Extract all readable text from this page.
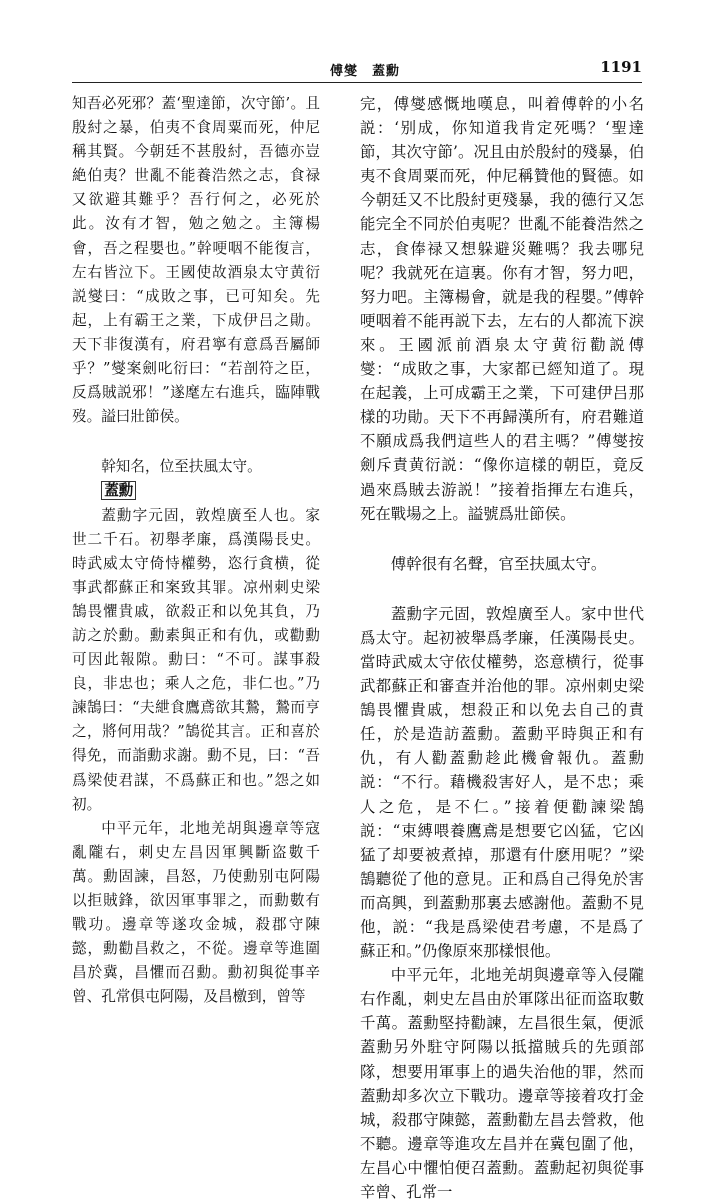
傅燮　蓋勳	1191

知吾必死邪？蓋‘聖達節，次守節’。且殷紂之暴，伯夷不食周粟而死，仲尼稱其賢。今朝廷不甚殷紂，吾德亦豈絶伯夷？世亂不能養浩然之志，食禄又欲避其難乎？吾行何之，必死於此。汝有才智，勉之勉之。主簿楊會，吾之程嬰也。”幹哽咽不能復言，左右皆泣下。王國使故酒泉太守黄衍説燮曰：“成敗之事，已可知矣。先起，上有霸王之業，下成伊吕之勛。天下非復漢有，府君寧有意爲吾屬師乎？”燮案劍叱衍曰：“若剖符之臣，反爲賊説邪！”遂麾左右進兵，臨陣戰歿。謚曰壯節侯。

幹知名，位至扶風太守。

蓋勳

蓋勳字元固，敦煌廣至人也。家世二千石。初舉孝廉，爲漢陽長史。時武威太守倚恃權勢，恣行貪横，從事武都蘇正和案致其罪。凉州刺史梁鵠畏懼貴戚，欲殺正和以免其負，乃訪之於勳。勳素與正和有仇，或勸勳可因此報隙。勳曰：“不可。謀事殺良，非忠也；乘人之危，非仁也。”乃諫鵠曰：“夫紲食鷹鳶欲其鷙，鷙而亨之，將何用哉？”鵠從其言。正和喜於得免，而詣勳求謝。勳不見，曰：“吾爲梁使君謀，不爲蘇正和也。”怨之如初。

中平元年，北地羌胡與邊章等寇亂隴右，刺史左昌因軍興斷盗數千萬。勳固諫，昌怒，乃使勳别屯阿陽以拒賊鋒，欲因軍事罪之，而勳數有戰功。邊章等遂攻金城，殺郡守陳懿，勳勸昌救之，不從。邊章等進圍昌於冀，昌懼而召勳。勳初與從事辛曾、孔常俱屯阿陽，及昌檄到，曾等

完，傅燮感慨地嘆息，叫着傅幹的小名説：‘别成，你知道我肯定死嗎？‘聖達節，其次守節’。况且由於殷紂的殘暴，伯夷不食周粟而死，仲尼稱贊他的賢德。如今朝廷又不比殷紂更殘暴，我的德行又怎能完全不同於伯夷呢？世亂不能養浩然之志，食俸禄又想躲避災難嗎？我去哪兒呢？我就死在這裏。你有才智，努力吧，努力吧。主簿楊會，就是我的程嬰。”傅幹哽咽着不能再説下去，左右的人都流下淚來。王國派前酒泉太守黄衍勸説傅燮：“成敗之事，大家都已經知道了。現在起義，上可成霸王之業，下可建伊吕那樣的功勛。天下不再歸漢所有，府君難道不願成爲我們這些人的君主嗎？”傅燮按劍斥責黄衍説：“像你這樣的朝臣，竟反過來爲賊去游説！”接着指揮左右進兵，死在戰場之上。謚號爲壯節侯。

傅幹很有名聲，官至扶風太守。

蓋勳字元固，敦煌廣至人。家中世代爲太守。起初被舉爲孝廉，任漢陽長史。當時武威太守依仗權勢，恣意横行，從事武都蘇正和審查并治他的罪。凉州刺史梁鵠畏懼貴戚，想殺正和以免去自己的責任，於是造訪蓋勳。蓋勳平時與正和有仇，有人勸蓋勳趁此機會報仇。蓋勳説：“不行。藉機殺害好人，是不忠；乘人之危，是不仁。”接着便勸諫梁鵠説：“束縛喂養鷹鳶是想要它凶猛，它凶猛了却要被煮掉，那還有什麽用呢？”梁鵠聽從了他的意見。正和爲自己得免於害而高興，到蓋勳那裏去感謝他。蓋勳不見他，説：“我是爲梁使君考慮，不是爲了蘇正和。”仍像原來那樣恨他。

中平元年，北地羌胡與邊章等入侵隴右作亂，刺史左昌由於軍隊出征而盗取數千萬。蓋勳堅持勸諫，左昌很生氣，便派蓋勳另外駐守阿陽以抵擋賊兵的先頭部隊，想要用軍事上的過失治他的罪，然而蓋勳却多次立下戰功。邊章等接着攻打金城，殺郡守陳懿，蓋勳勸左昌去營救，他不聽。邊章等進攻左昌并在冀包圍了他，左昌心中懼怕便召蓋勳。蓋勳起初與從事辛曾、孔常一
